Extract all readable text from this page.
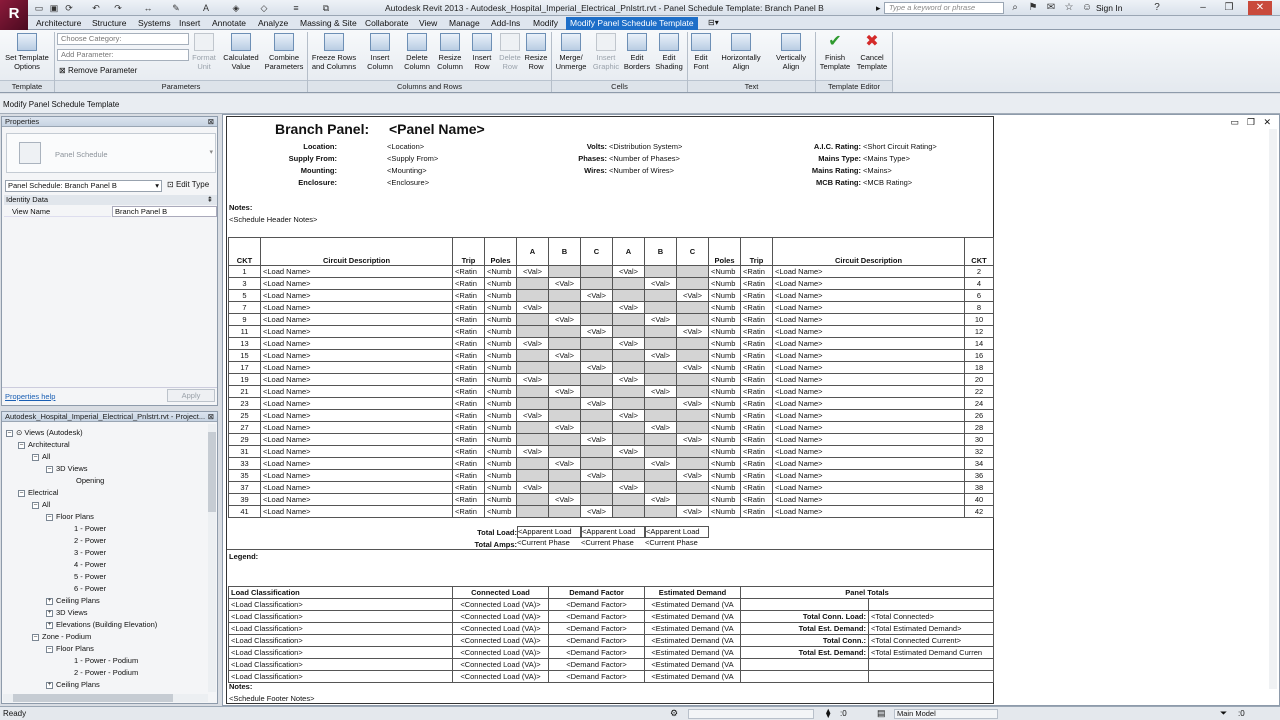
R	▭ ▣ ⟳ ↶ ↷ ↔ ✎	A	◈ ◇	≡	⧉	Autodesk Revit 2013 - Autodesk_Hospital_Imperial_Electrical_Pnlstrt.rvt - Panel Schedule Template: Branch Panel B	▸	Type a keyword or phrase	⌕	⚑ ✉ ☆ ☺ Sign In	?	–	❐	✕
Architecture Structure Systems Insert Annotate Analyze Massing & Site Collaborate View Manage Add-Ins Modify	Modify Panel Schedule Template	⊟▾
Set Template Options
Choose Category:
Add Parameter:
⊠ Remove Parameter
Format Unit
Calculated Value
Combine Parameters
Freeze Rows and Columns
Insert Column
Delete Column
Resize Column
Insert Row
Delete Row
Resize Row
Merge/ Unmerge
Insert Graphic
Edit Borders
Edit Shading
Edit Font
Horizontally Align
Vertically Align
✔
Finish Template
✖
Cancel Template
Template	Parameters	Columns and Rows	Cells	Text	Template Editor
Modify Panel Schedule Template
Properties	⊠
Panel Schedule	▾
Panel Schedule: Branch Panel B	▾ ⊡ Edit Type
Identity Data	⇞
View Name	Branch Panel B
Properties help	Apply
Autodesk_Hospital_Imperial_Electrical_Pnlstrt.rvt - Project... ⊠
– ⊙ Views (Autodesk)
– Architectural
– All
– 3D Views
Opening
– Electrical
– All
– Floor Plans
1 - Power
2 - Power
3 - Power
4 - Power
5 - Power
6 - Power
+ Ceiling Plans
+ 3D Views
+ Elevations (Building Elevation)
– Zone - Podium
– Floor Plans
1 - Power - Podium
2 - Power - Podium
+ Ceiling Plans
▭ ❐ ✕
Branch Panel: <Panel Name>
Location:	<Location>	Volts: <Distribution System>	A.I.C. Rating: <Short Circuit Rating>
Supply From:	<Supply From>	Phases: <Number of Phases>	Mains Type: <Mains Type>
Mounting:	<Mounting>	Wires: <Number of Wires>	Mains Rating: <Mains>
Enclosure:	<Enclosure>	MCB Rating: <MCB Rating>
Notes:
<Schedule Header Notes>
CKT	Circuit Description	Trip	Poles	A	B	C	A	B	C	Poles	Trip	Circuit Description	CKT
1	<Load Name>	<Ratin	<Numb	<Val>			<Val>			<Numb	<Ratin	<Load Name>	2
3	<Load Name>	<Ratin	<Numb		<Val>			<Val>		<Numb	<Ratin	<Load Name>	4
5	<Load Name>	<Ratin	<Numb			<Val>			<Val>	<Numb	<Ratin	<Load Name>	6
7	<Load Name>	<Ratin	<Numb	<Val>			<Val>			<Numb	<Ratin	<Load Name>	8
9	<Load Name>	<Ratin	<Numb		<Val>			<Val>		<Numb	<Ratin	<Load Name>	10
11	<Load Name>	<Ratin	<Numb			<Val>			<Val>	<Numb	<Ratin	<Load Name>	12
13	<Load Name>	<Ratin	<Numb	<Val>			<Val>			<Numb	<Ratin	<Load Name>	14
15	<Load Name>	<Ratin	<Numb		<Val>			<Val>		<Numb	<Ratin	<Load Name>	16
17	<Load Name>	<Ratin	<Numb			<Val>			<Val>	<Numb	<Ratin	<Load Name>	18
19	<Load Name>	<Ratin	<Numb	<Val>			<Val>			<Numb	<Ratin	<Load Name>	20
21	<Load Name>	<Ratin	<Numb		<Val>			<Val>		<Numb	<Ratin	<Load Name>	22
23	<Load Name>	<Ratin	<Numb			<Val>			<Val>	<Numb	<Ratin	<Load Name>	24
25	<Load Name>	<Ratin	<Numb	<Val>			<Val>			<Numb	<Ratin	<Load Name>	26
27	<Load Name>	<Ratin	<Numb		<Val>			<Val>		<Numb	<Ratin	<Load Name>	28
29	<Load Name>	<Ratin	<Numb			<Val>			<Val>	<Numb	<Ratin	<Load Name>	30
31	<Load Name>	<Ratin	<Numb	<Val>			<Val>			<Numb	<Ratin	<Load Name>	32
33	<Load Name>	<Ratin	<Numb		<Val>			<Val>		<Numb	<Ratin	<Load Name>	34
35	<Load Name>	<Ratin	<Numb			<Val>			<Val>	<Numb	<Ratin	<Load Name>	36
37	<Load Name>	<Ratin	<Numb	<Val>			<Val>			<Numb	<Ratin	<Load Name>	38
39	<Load Name>	<Ratin	<Numb		<Val>			<Val>		<Numb	<Ratin	<Load Name>	40
41	<Load Name>	<Ratin	<Numb			<Val>			<Val>	<Numb	<Ratin	<Load Name>	42
Total Load: <Apparent Load	<Apparent Load	<Apparent Load
Total Amps: <Current Phase	<Current Phase	<Current Phase
Legend:
Load Classification	Connected Load	Demand Factor	Estimated Demand	Panel Totals	
<Load Classification>	<Connected Load (VA)>	<Demand Factor>	<Estimated Demand (VA		
<Load Classification>	<Connected Load (VA)>	<Demand Factor>	<Estimated Demand (VA	Total Conn. Load:	<Total Connected>
<Load Classification>	<Connected Load (VA)>	<Demand Factor>	<Estimated Demand (VA	Total Est. Demand:	<Total Estimated Demand>
<Load Classification>	<Connected Load (VA)>	<Demand Factor>	<Estimated Demand (VA	Total Conn.:	<Total Connected Current>
<Load Classification>	<Connected Load (VA)>	<Demand Factor>	<Estimated Demand (VA	Total Est. Demand:	<Total Estimated Demand Curren
<Load Classification>	<Connected Load (VA)>	<Demand Factor>	<Estimated Demand (VA		
<Load Classification>	<Connected Load (VA)>	<Demand Factor>	<Estimated Demand (VA		
Notes:
<Schedule Footer Notes>
Ready	⚙	⧫ :0	▤	Main Model	⏷ :0
